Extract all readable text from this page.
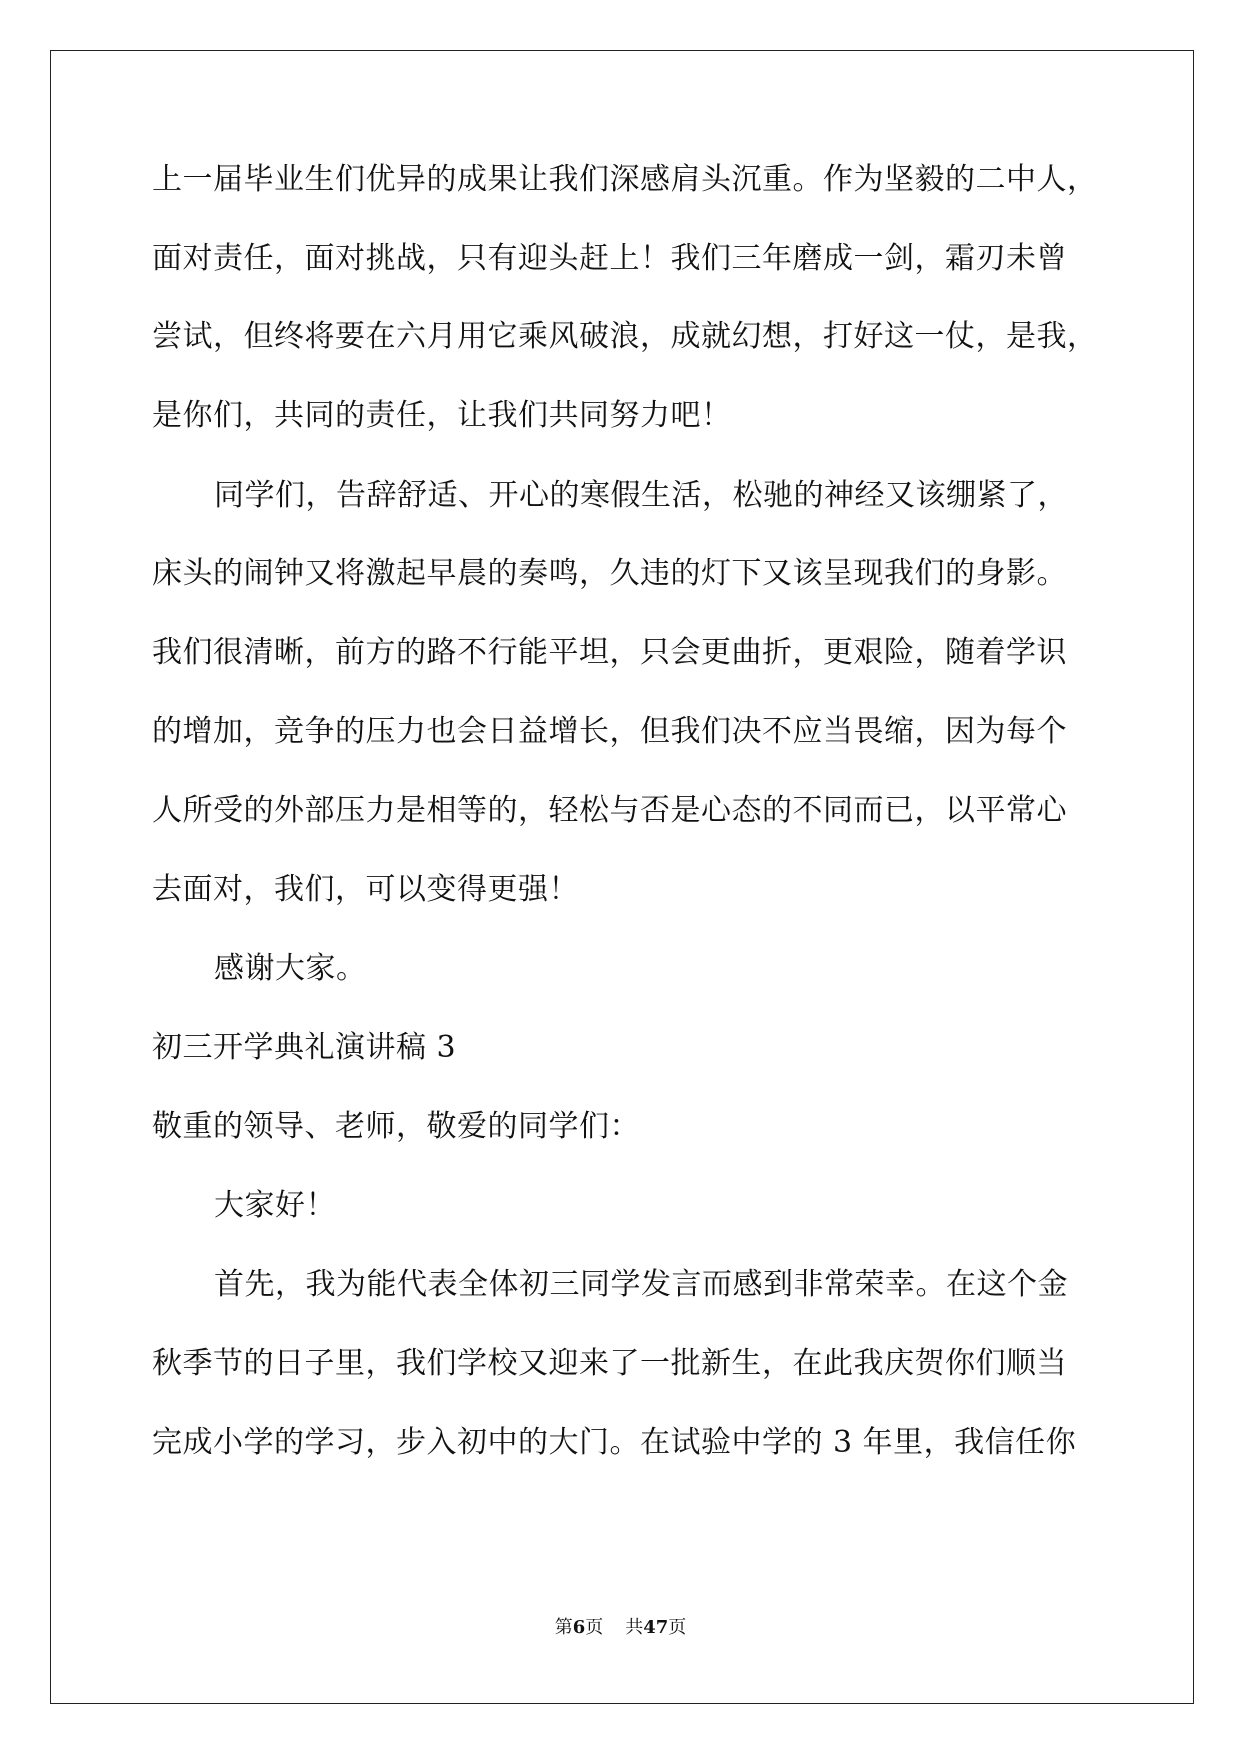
上一届毕业生们优异的成果让我们深感肩头沉重。作为坚毅的二中人，
面对责任，面对挑战，只有迎头赶上！我们三年磨成一剑，霜刃未曾
尝试，但终将要在六月用它乘风破浪，成就幻想，打好这一仗，是我，
是你们，共同的责任，让我们共同努力吧！
同学们，告辞舒适、开心的寒假生活，松驰的神经又该绷紧了，
床头的闹钟又将激起早晨的奏鸣，久违的灯下又该呈现我们的身影。
我们很清晰，前方的路不行能平坦，只会更曲折，更艰险，随着学识
的增加，竞争的压力也会日益增长，但我们决不应当畏缩，因为每个
人所受的外部压力是相等的，轻松与否是心态的不同而已，以平常心
去面对，我们，可以变得更强！
感谢大家。
初三开学典礼演讲稿 3
敬重的领导、老师，敬爱的同学们：
大家好！
首先，我为能代表全体初三同学发言而感到非常荣幸。在这个金
秋季节的日子里，我们学校又迎来了一批新生，在此我庆贺你们顺当
完成小学的学习，步入初中的大门。在试验中学的 3 年里，我信任你
第6页 共47页
